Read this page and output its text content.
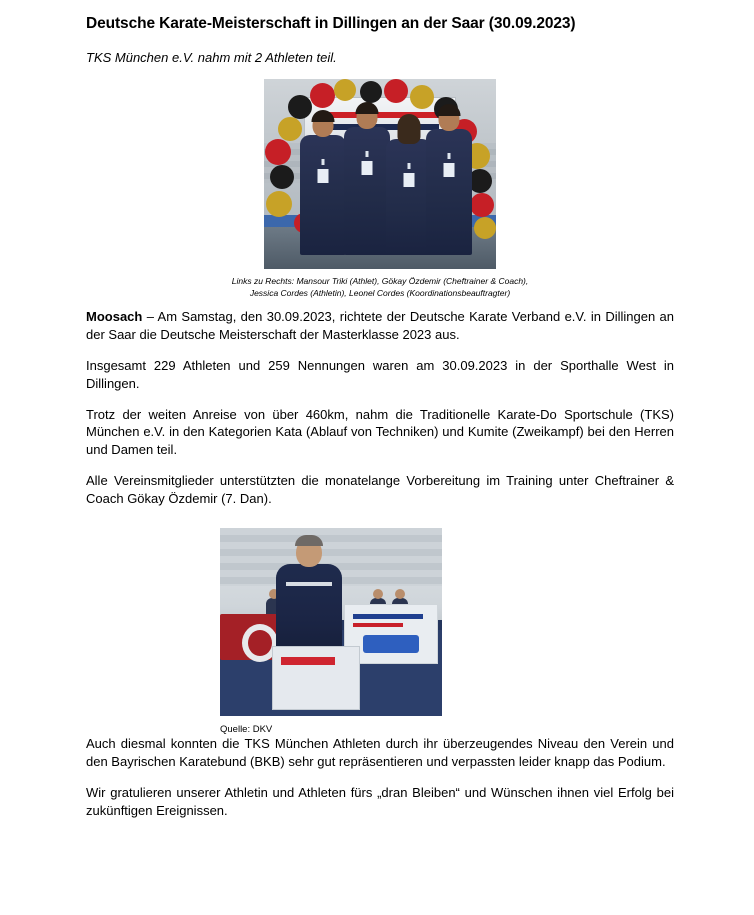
Deutsche Karate-Meisterschaft in Dillingen an der Saar (30.09.2023)

TKS München e.V. nahm mit 2 Athleten teil.

Links zu Rechts: Mansour Triki (Athlet), Gökay Özdemir (Cheftrainer & Coach),
Jessica Cordes (Athletin), Leonel Cordes (Koordinationsbeauftragter)

Moosach – Am Samstag, den 30.09.2023, richtete der Deutsche Karate Verband e.V. in Dillingen an der Saar die Deutsche Meisterschaft der Masterklasse 2023 aus.

Insgesamt 229 Athleten und 259 Nennungen waren am 30.09.2023 in der Sporthalle West in Dillingen.

Trotz der weiten Anreise von über 460km, nahm die Traditionelle Karate-Do Sportschule (TKS) München e.V. in den Kategorien Kata (Ablauf von Techniken) und Kumite (Zweikampf) bei den Herren und Damen teil.

Alle Vereinsmitglieder unterstützten die monatelange Vorbereitung im Training unter Cheftrainer & Coach Gökay Özdemir (7. Dan).

Quelle: DKV

Auch diesmal konnten die TKS München Athleten durch ihr überzeugendes Niveau den Verein und den Bayrischen Karatebund (BKB) sehr gut repräsentieren und verpassten leider knapp das Podium.

Wir gratulieren unserer Athletin und Athleten fürs „dran Bleiben“ und Wünschen ihnen viel Erfolg bei zukünftigen Ereignissen.
